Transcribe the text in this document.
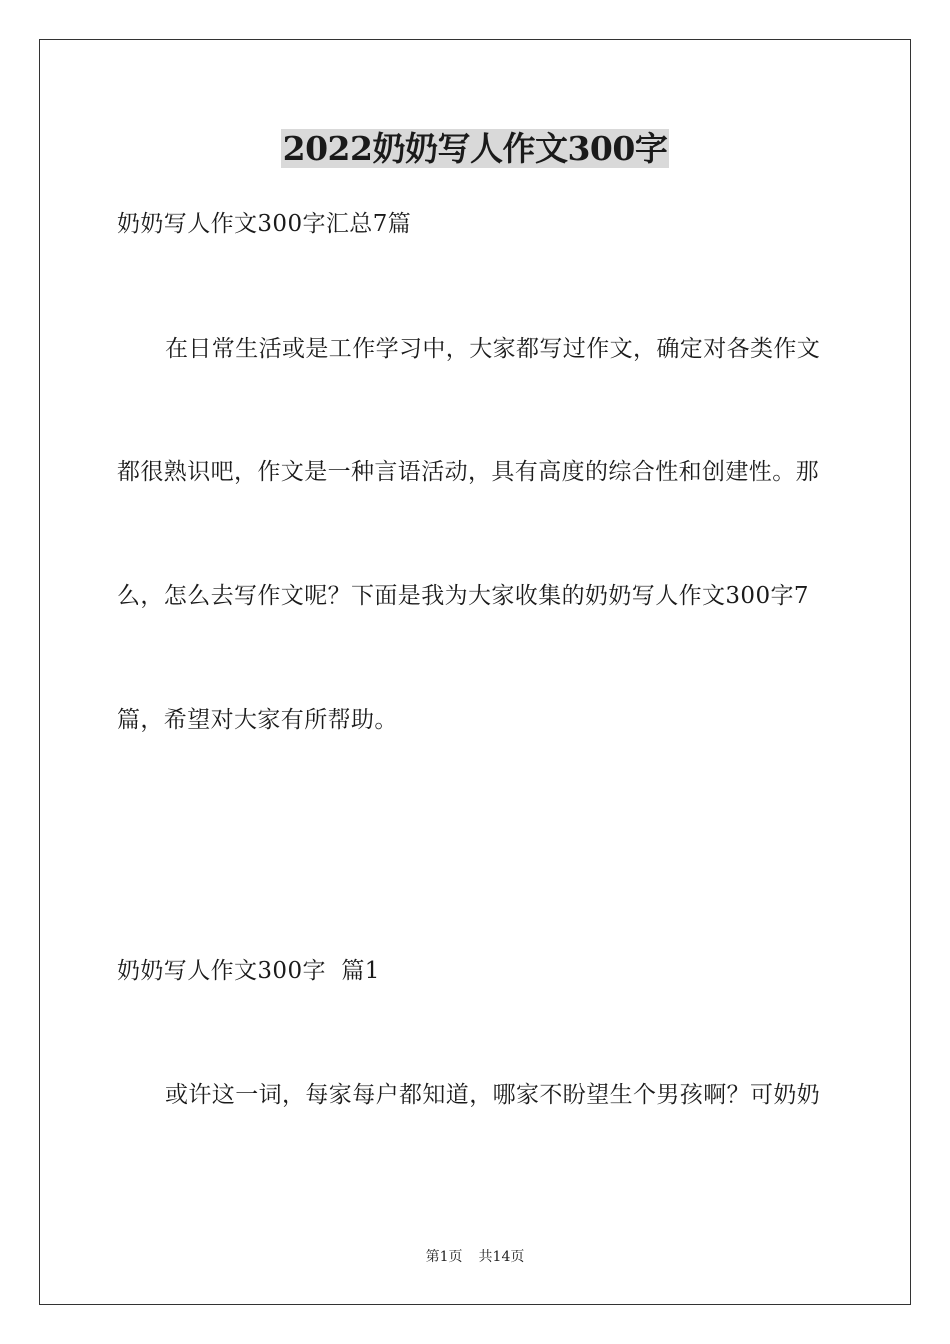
2022奶奶写人作文300字
奶奶写人作文300字汇总7篇
在日常生活或是工作学习中，大家都写过作文，确定对各类作文
都很熟识吧，作文是一种言语活动，具有高度的综合性和创建性。那
么，怎么去写作文呢？下面是我为大家收集的奶奶写人作文300字7
篇，希望对大家有所帮助。
奶奶写人作文300字  篇1
或许这一词，每家每户都知道，哪家不盼望生个男孩啊？可奶奶
第1页 共14页
